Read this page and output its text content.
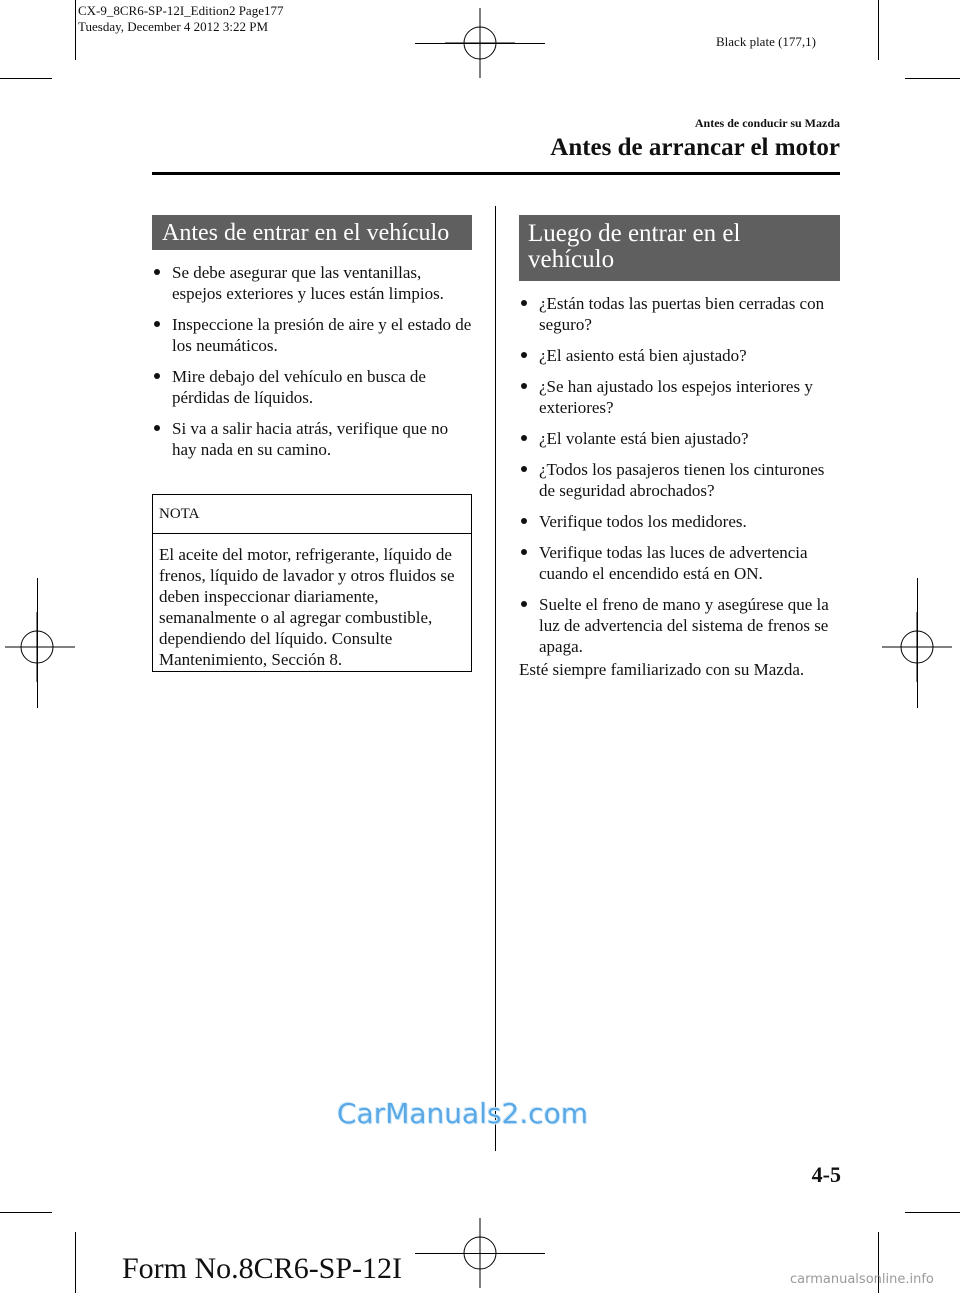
CX-9_8CR6-SP-12I_Edition2 Page177
Tuesday, December 4 2012 3:22 PM
Black plate (177,1)
Antes de conducir su Mazda
Antes de arrancar el motor
Antes de entrar en el vehículo
Se debe asegurar que las ventanillas, espejos exteriores y luces están limpios.
Inspeccione la presión de aire y el estado de los neumáticos.
Mire debajo del vehículo en busca de pérdidas de líquidos.
Si va a salir hacia atrás, verifique que no hay nada en su camino.
NOTA
El aceite del motor, refrigerante, líquido de frenos, líquido de lavador y otros fluidos se deben inspeccionar diariamente, semanalmente o al agregar combustible, dependiendo del líquido. Consulte Mantenimiento, Sección 8.
Luego de entrar en el
vehículo
¿Están todas las puertas bien cerradas con seguro?
¿El asiento está bien ajustado?
¿Se han ajustado los espejos interiores y exteriores?
¿El volante está bien ajustado?
¿Todos los pasajeros tienen los cinturones de seguridad abrochados?
Verifique todos los medidores.
Verifique todas las luces de advertencia cuando el encendido está en ON.
Suelte el freno de mano y asegúrese que la luz de advertencia del sistema de frenos se apaga.
Esté siempre familiarizado con su Mazda.
CarManuals2.com
4-5
Form No.8CR6-SP-12I	carmanualsonline.info
